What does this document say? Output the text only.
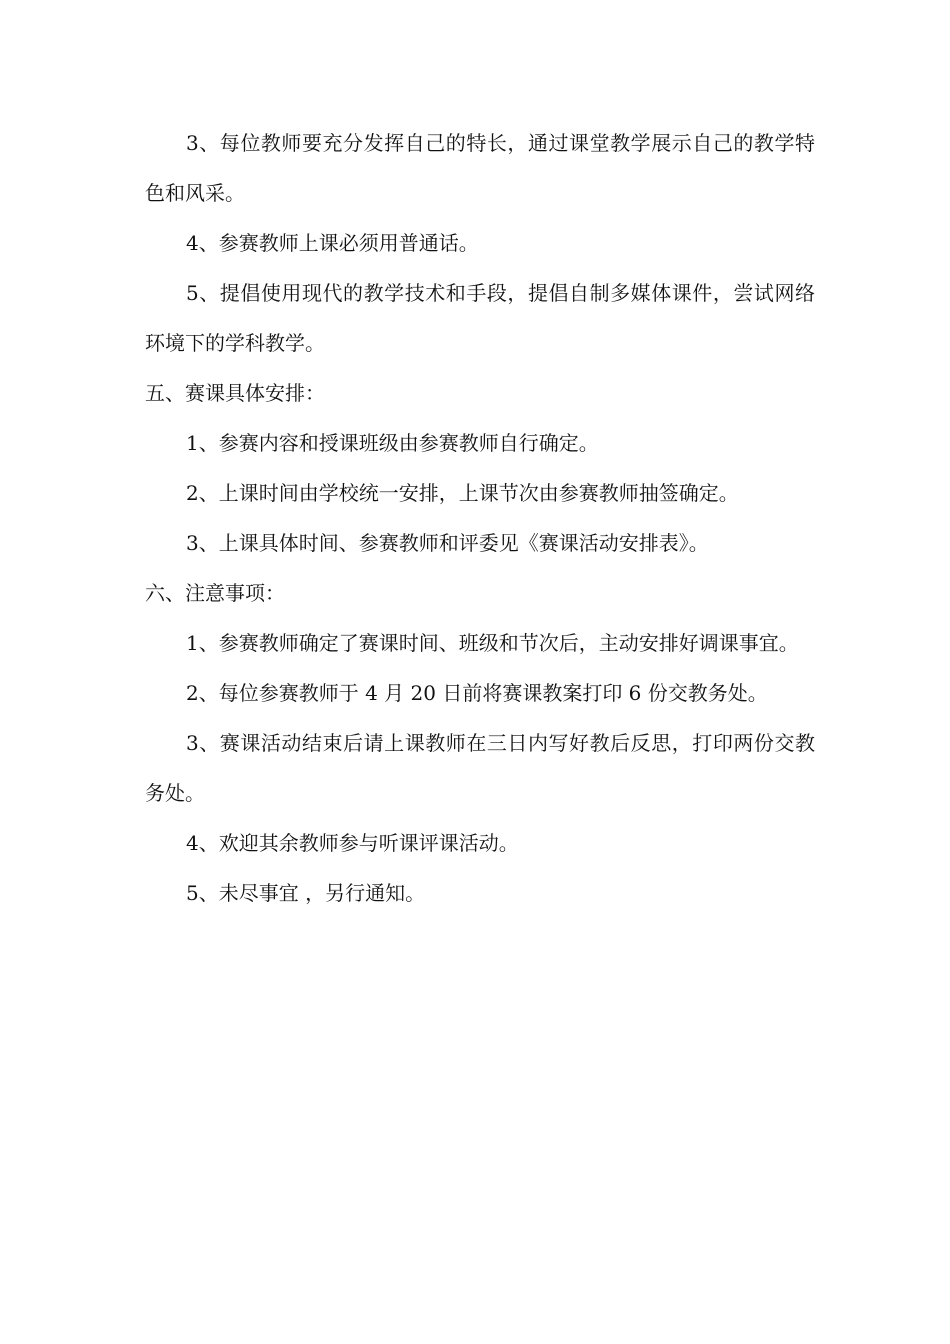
3、每位教师要充分发挥自己的特长，通过课堂教学展示自己的教学特色和风采。

4、参赛教师上课必须用普通话。

5、提倡使用现代的教学技术和手段，提倡自制多媒体课件，尝试网络环境下的学科教学。

五、赛课具体安排：

1、参赛内容和授课班级由参赛教师自行确定。

2、上课时间由学校统一安排，上课节次由参赛教师抽签确定。

3、上课具体时间、参赛教师和评委见《赛课活动安排表》。

六、注意事项：

1、参赛教师确定了赛课时间、班级和节次后，主动安排好调课事宜。

2、每位参赛教师于 4 月 20 日前将赛课教案打印 6 份交教务处。

3、赛课活动结束后请上课教师在三日内写好教后反思，打印两份交教务处。

4、欢迎其余教师参与听课评课活动。

5、未尽事宜 ，另行通知。
